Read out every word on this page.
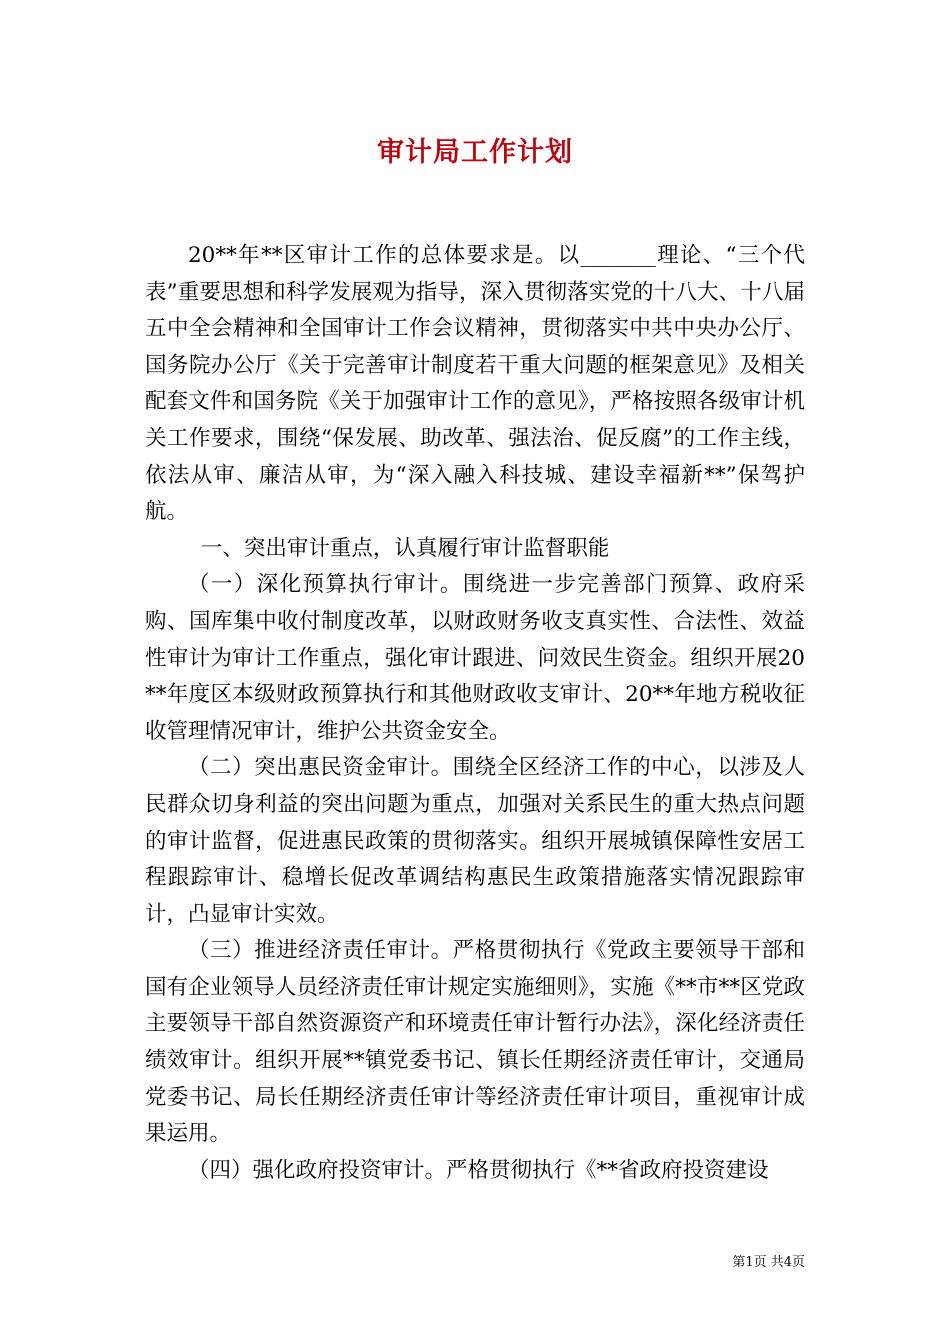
审计局工作计划

20**年**区审计工作的总体要求是。以_______理论、“三个代表”重要思想和科学发展观为指导，深入贯彻落实党的十八大、十八届五中全会精神和全国审计工作会议精神，贯彻落实中共中央办公厅、国务院办公厅《关于完善审计制度若干重大问题的框架意见》及相关配套文件和国务院《关于加强审计工作的意见》，严格按照各级审计机关工作要求，围绕“保发展、助改革、强法治、促反腐”的工作主线，依法从审、廉洁从审，为“深入融入科技城、建设幸福新**”保驾护航。

一、突出审计重点，认真履行审计监督职能

（一）深化预算执行审计。围绕进一步完善部门预算、政府采购、国库集中收付制度改革，以财政财务收支真实性、合法性、效益性审计为审计工作重点，强化审计跟进、问效民生资金。组织开展20**年度区本级财政预算执行和其他财政收支审计、20**年地方税收征收管理情况审计，维护公共资金安全。

（二）突出惠民资金审计。围绕全区经济工作的中心，以涉及人民群众切身利益的突出问题为重点，加强对关系民生的重大热点问题的审计监督，促进惠民政策的贯彻落实。组织开展城镇保障性安居工程跟踪审计、稳增长促改革调结构惠民生政策措施落实情况跟踪审计，凸显审计实效。

（三）推进经济责任审计。严格贯彻执行《党政主要领导干部和国有企业领导人员经济责任审计规定实施细则》，实施《**市**区党政主要领导干部自然资源资产和环境责任审计暂行办法》，深化经济责任绩效审计。组织开展**镇党委书记、镇长任期经济责任审计，交通局党委书记、局长任期经济责任审计等经济责任审计项目，重视审计成果运用。

（四）强化政府投资审计。严格贯彻执行《**省政府投资建设

第1页 共4页
